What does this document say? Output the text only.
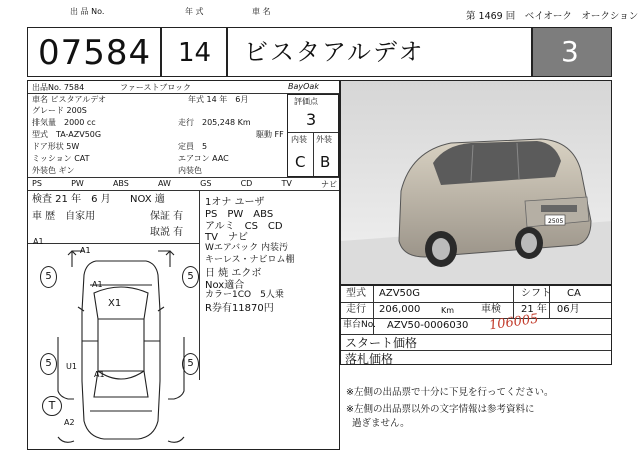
出 品 No.	年 式	車 名	第 1469 回　ベイオーク　オークション
07584 14 ビスタアルデオ	3
出品No. 7584	ファーストブロック	BayOak
車名 ビスタアルデオ	年式 14 年　6月
グレード 200S
排気量　2000 cc	走行　205,248 Km
型式　TA-AZV50G	駆動 FF
ドア形状 5W	定員　5
ミッション CAT	エアコン AAC
外装色 ギン	内装色
評価点
3
内装 外装
C B
PS	PW	ABS	AW	GS	CD	TV	ナビ
検査 21 年　6 月 NOX 適
車 歴　自家用	保証 有
取説 有
1オナ ユーザ
PS　PW　ABS
アルミ　CS　CD
TV　ナビ
Wエアバック 内装汚
キーレス・ナビロム棚
日 焼 エクボ
Nox適合
カラー1CO　5人乗
R券有11870円
A1
A1
5	5
5	5
T
A1
X1
U1
A1
A2
2505
型式 AZV50G	シフト CA
走行 206,000	Km	車検 21 年　06月
車台No. AZV50-0006030 106005
スタート価格
落札価格
※左側の出品票で十分に下見を行ってください。
※左側の出品票以外の文字情報は参考資料に
過ぎません。
